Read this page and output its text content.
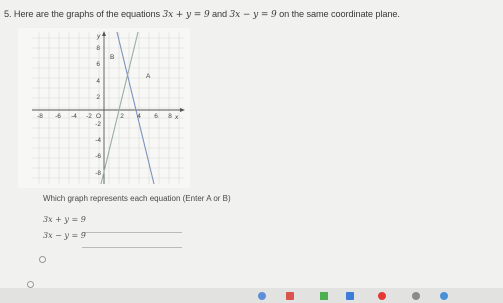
5. Here are the graphs of the equations 3x + y = 9 and 3x − y = 9 on the same coordinate plane.
y
x
O
A
B
-8 -6 -4 -2	2 4 6 8
8
6
4
2
-2
-4
-6
-8
Which graph represents each equation (Enter A or B)
3x + y = 9
3x − y = 9
